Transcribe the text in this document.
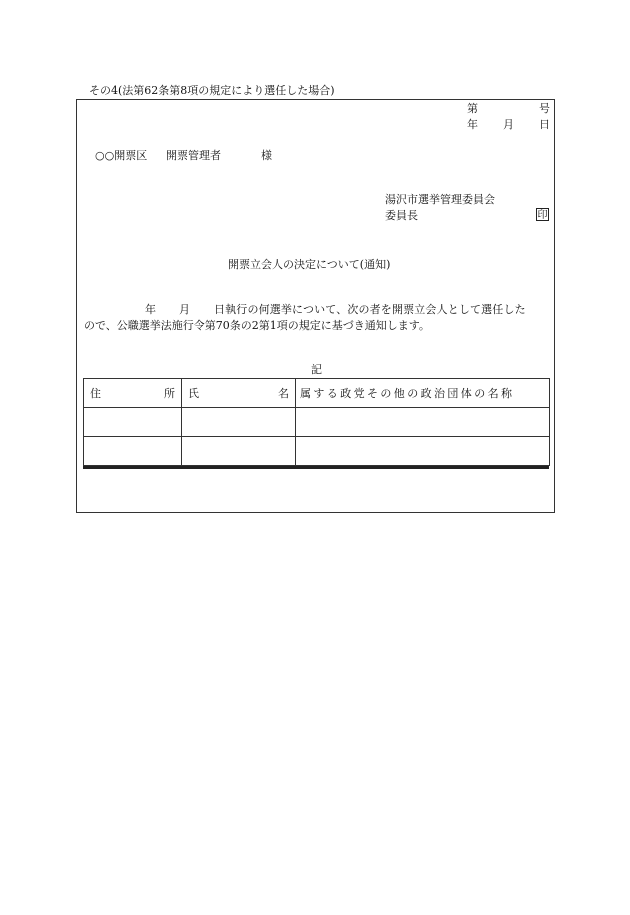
その4(法第62条第8項の規定により選任した場合)
第	号
年 月 日
○○開票区 開票管理者	様
湯沢市選挙管理委員会
委員長	印
開票立会人の決定について(通知)
年 月 日執行の何選挙について、次の者を開票立会人として選任した
ので、公職選挙法施行令第70条の2第1項の規定に基づき通知します。
記
住 所	氏 名	属する政党その他の政治団体の名称
